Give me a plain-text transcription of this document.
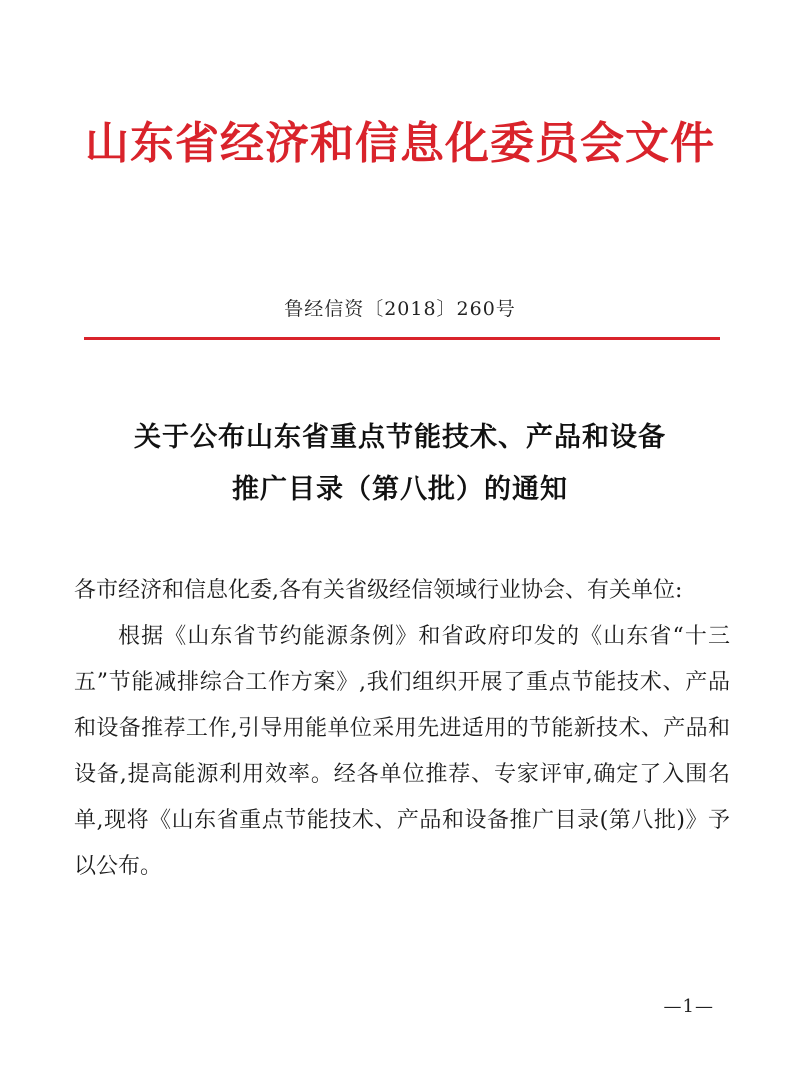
山东省经济和信息化委员会文件
鲁经信资〔2018〕260号
关于公布山东省重点节能技术、产品和设备
推广目录（第八批）的通知

各市经济和信息化委,各有关省级经信领域行业协会、有关单位:

根据《山东省节约能源条例》和省政府印发的《山东省“十三五”节能减排综合工作方案》,我们组织开展了重点节能技术、产品和设备推荐工作,引导用能单位采用先进适用的节能新技术、产品和设备,提高能源利用效率。经各单位推荐、专家评审,确定了入围名单,现将《山东省重点节能技术、产品和设备推广目录(第八批)》予以公布。

—1—
